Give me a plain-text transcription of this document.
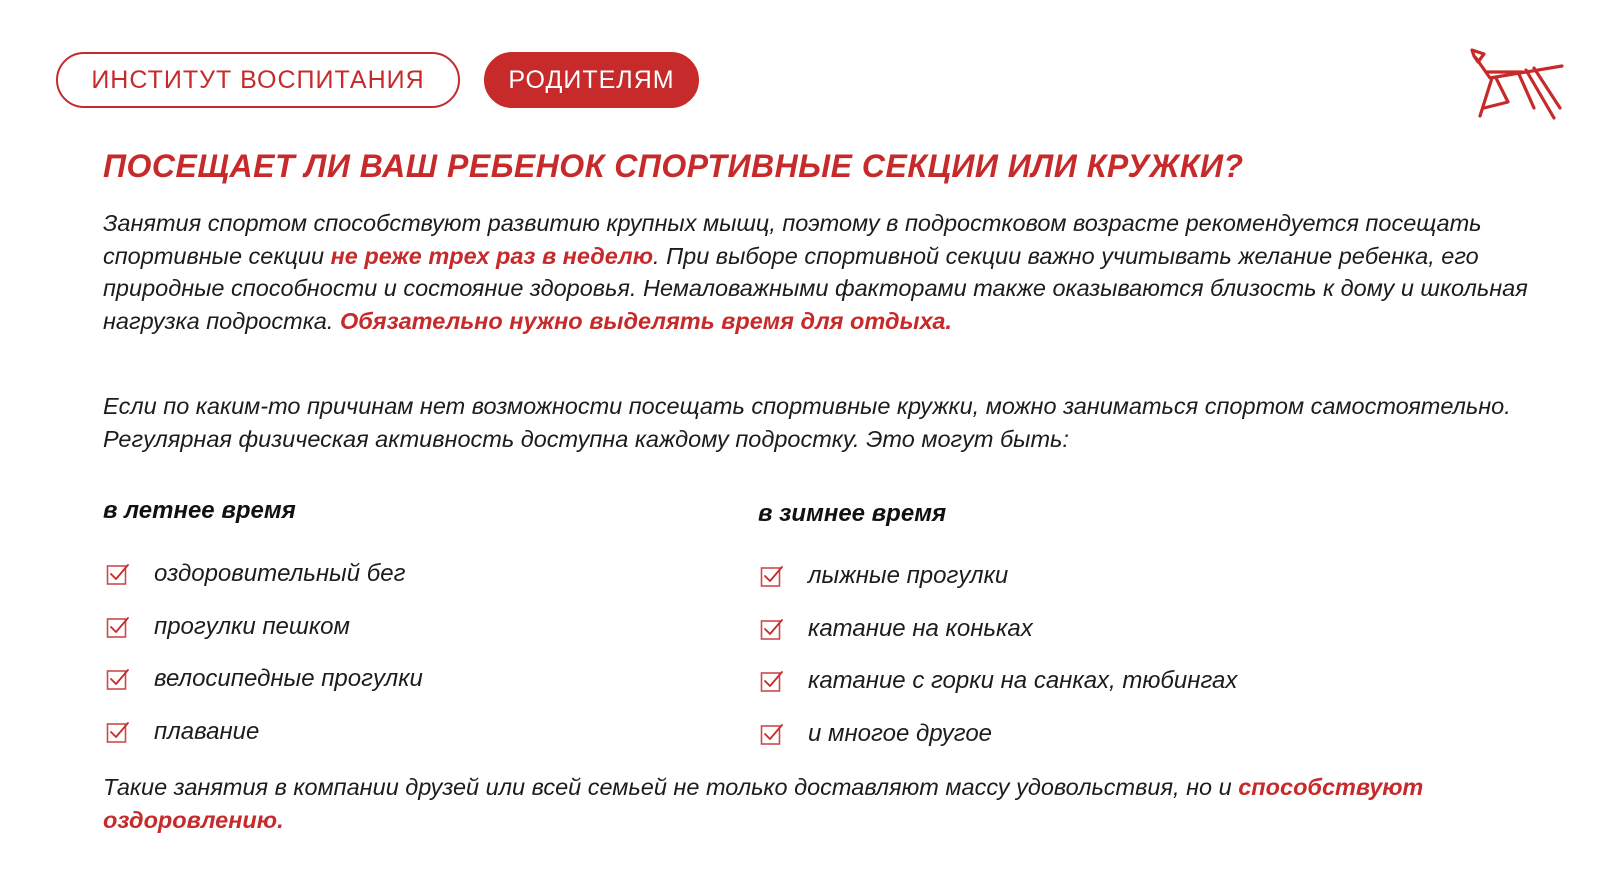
ИНСТИТУТ ВОСПИТАНИЯ	РОДИТЕЛЯМ
ПОСЕЩАЕТ ЛИ ВАШ РЕБЕНОК СПОРТИВНЫЕ СЕКЦИИ ИЛИ КРУЖКИ?

Занятия спортом способствуют развитию крупных мышц, поэтому в подростковом возрасте рекомендуется посещать спортивные секции не реже трех раз в неделю. При выборе спортивной секции важно учитывать желание ребенка, его природные способности и состояние здоровья. Немаловажными факторами также оказываются близость к дому и школьная нагрузка подростка. Обязательно нужно выделять время для отдыха.

Если по каким-то причинам нет возможности посещать спортивные кружки, можно заниматься спортом самостоятельно. Регулярная физическая активность доступна каждому подростку. Это могут быть:

в летнее время
оздоровительный бег
прогулки пешком
велосипедные прогулки
плавание
в зимнее время
лыжные прогулки
катание на коньках
катание с горки на санках, тюбингах
и многое другое

Такие занятия в компании друзей или всей семьей не только доставляют массу удовольствия, но и способствуют оздоровлению.
